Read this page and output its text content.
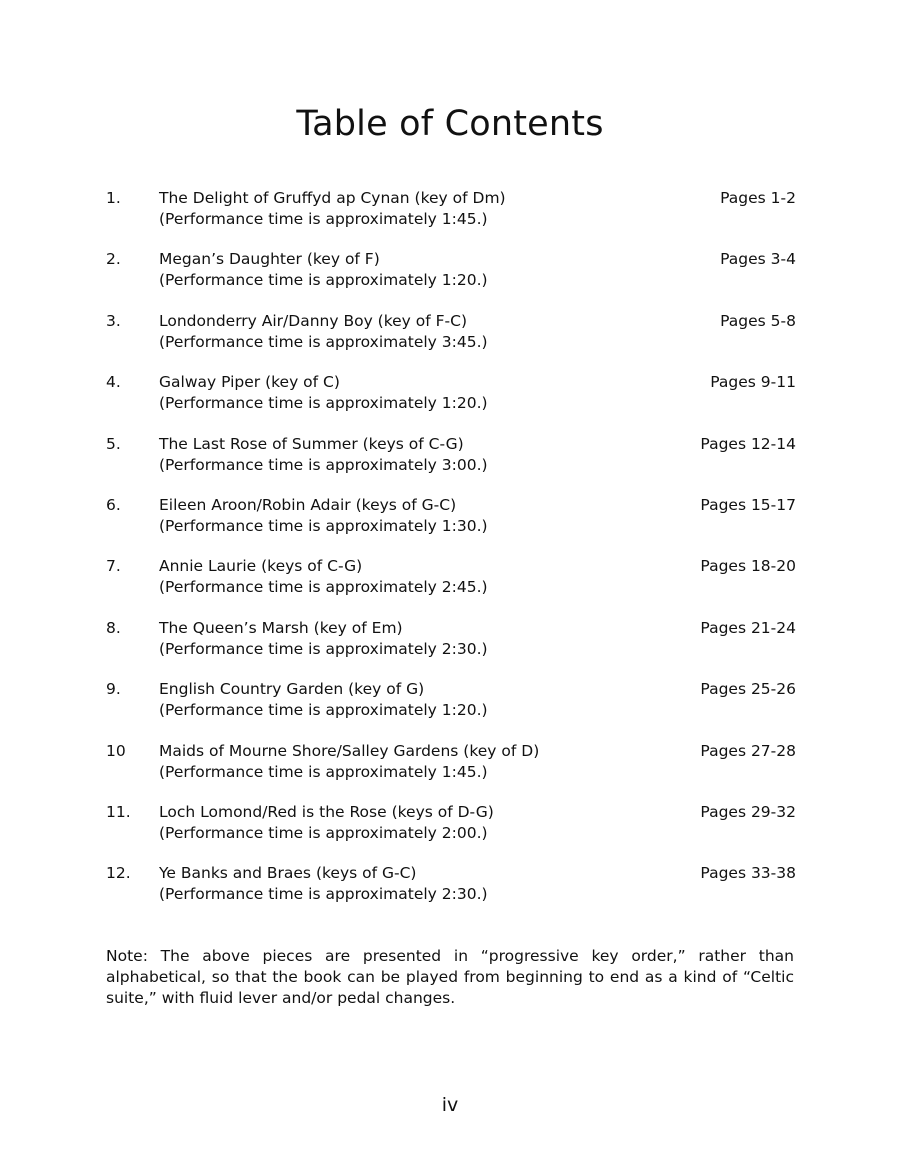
Table of Contents
1. The Delight of Gruffyd ap Cynan (key of Dm)	Pages 1-2
(Performance time is approximately 1:45.)
2. Megan’s Daughter (key of F)	Pages 3-4
(Performance time is approximately 1:20.)
3. Londonderry Air/Danny Boy (key of F-C)	Pages 5-8
(Performance time is approximately 3:45.)
4. Galway Piper (key of C)	Pages 9-11
(Performance time is approximately 1:20.)
5. The Last Rose of Summer (keys of C-G)	Pages 12-14
(Performance time is approximately 3:00.)
6. Eileen Aroon/Robin Adair (keys of G-C)	Pages 15-17
(Performance time is approximately 1:30.)
7. Annie Laurie (keys of C-G)	Pages 18-20
(Performance time is approximately 2:45.)
8. The Queen’s Marsh (key of Em)	Pages 21-24
(Performance time is approximately 2:30.)
9. English Country Garden (key of G)	Pages 25-26
(Performance time is approximately 1:20.)
10 Maids of Mourne Shore/Salley Gardens (key of D)	Pages 27-28
(Performance time is approximately 1:45.)
11. Loch Lomond/Red is the Rose (keys of D-G)	Pages 29-32
(Performance time is approximately 2:00.)
12. Ye Banks and Braes (keys of G-C)	Pages 33-38
(Performance time is approximately 2:30.)

Note: The above pieces are presented in “progressive key order,” rather than alphabetical, so that the book can be played from beginning to end as a kind of “Celtic suite,” with fluid lever and/or pedal changes.

iv
